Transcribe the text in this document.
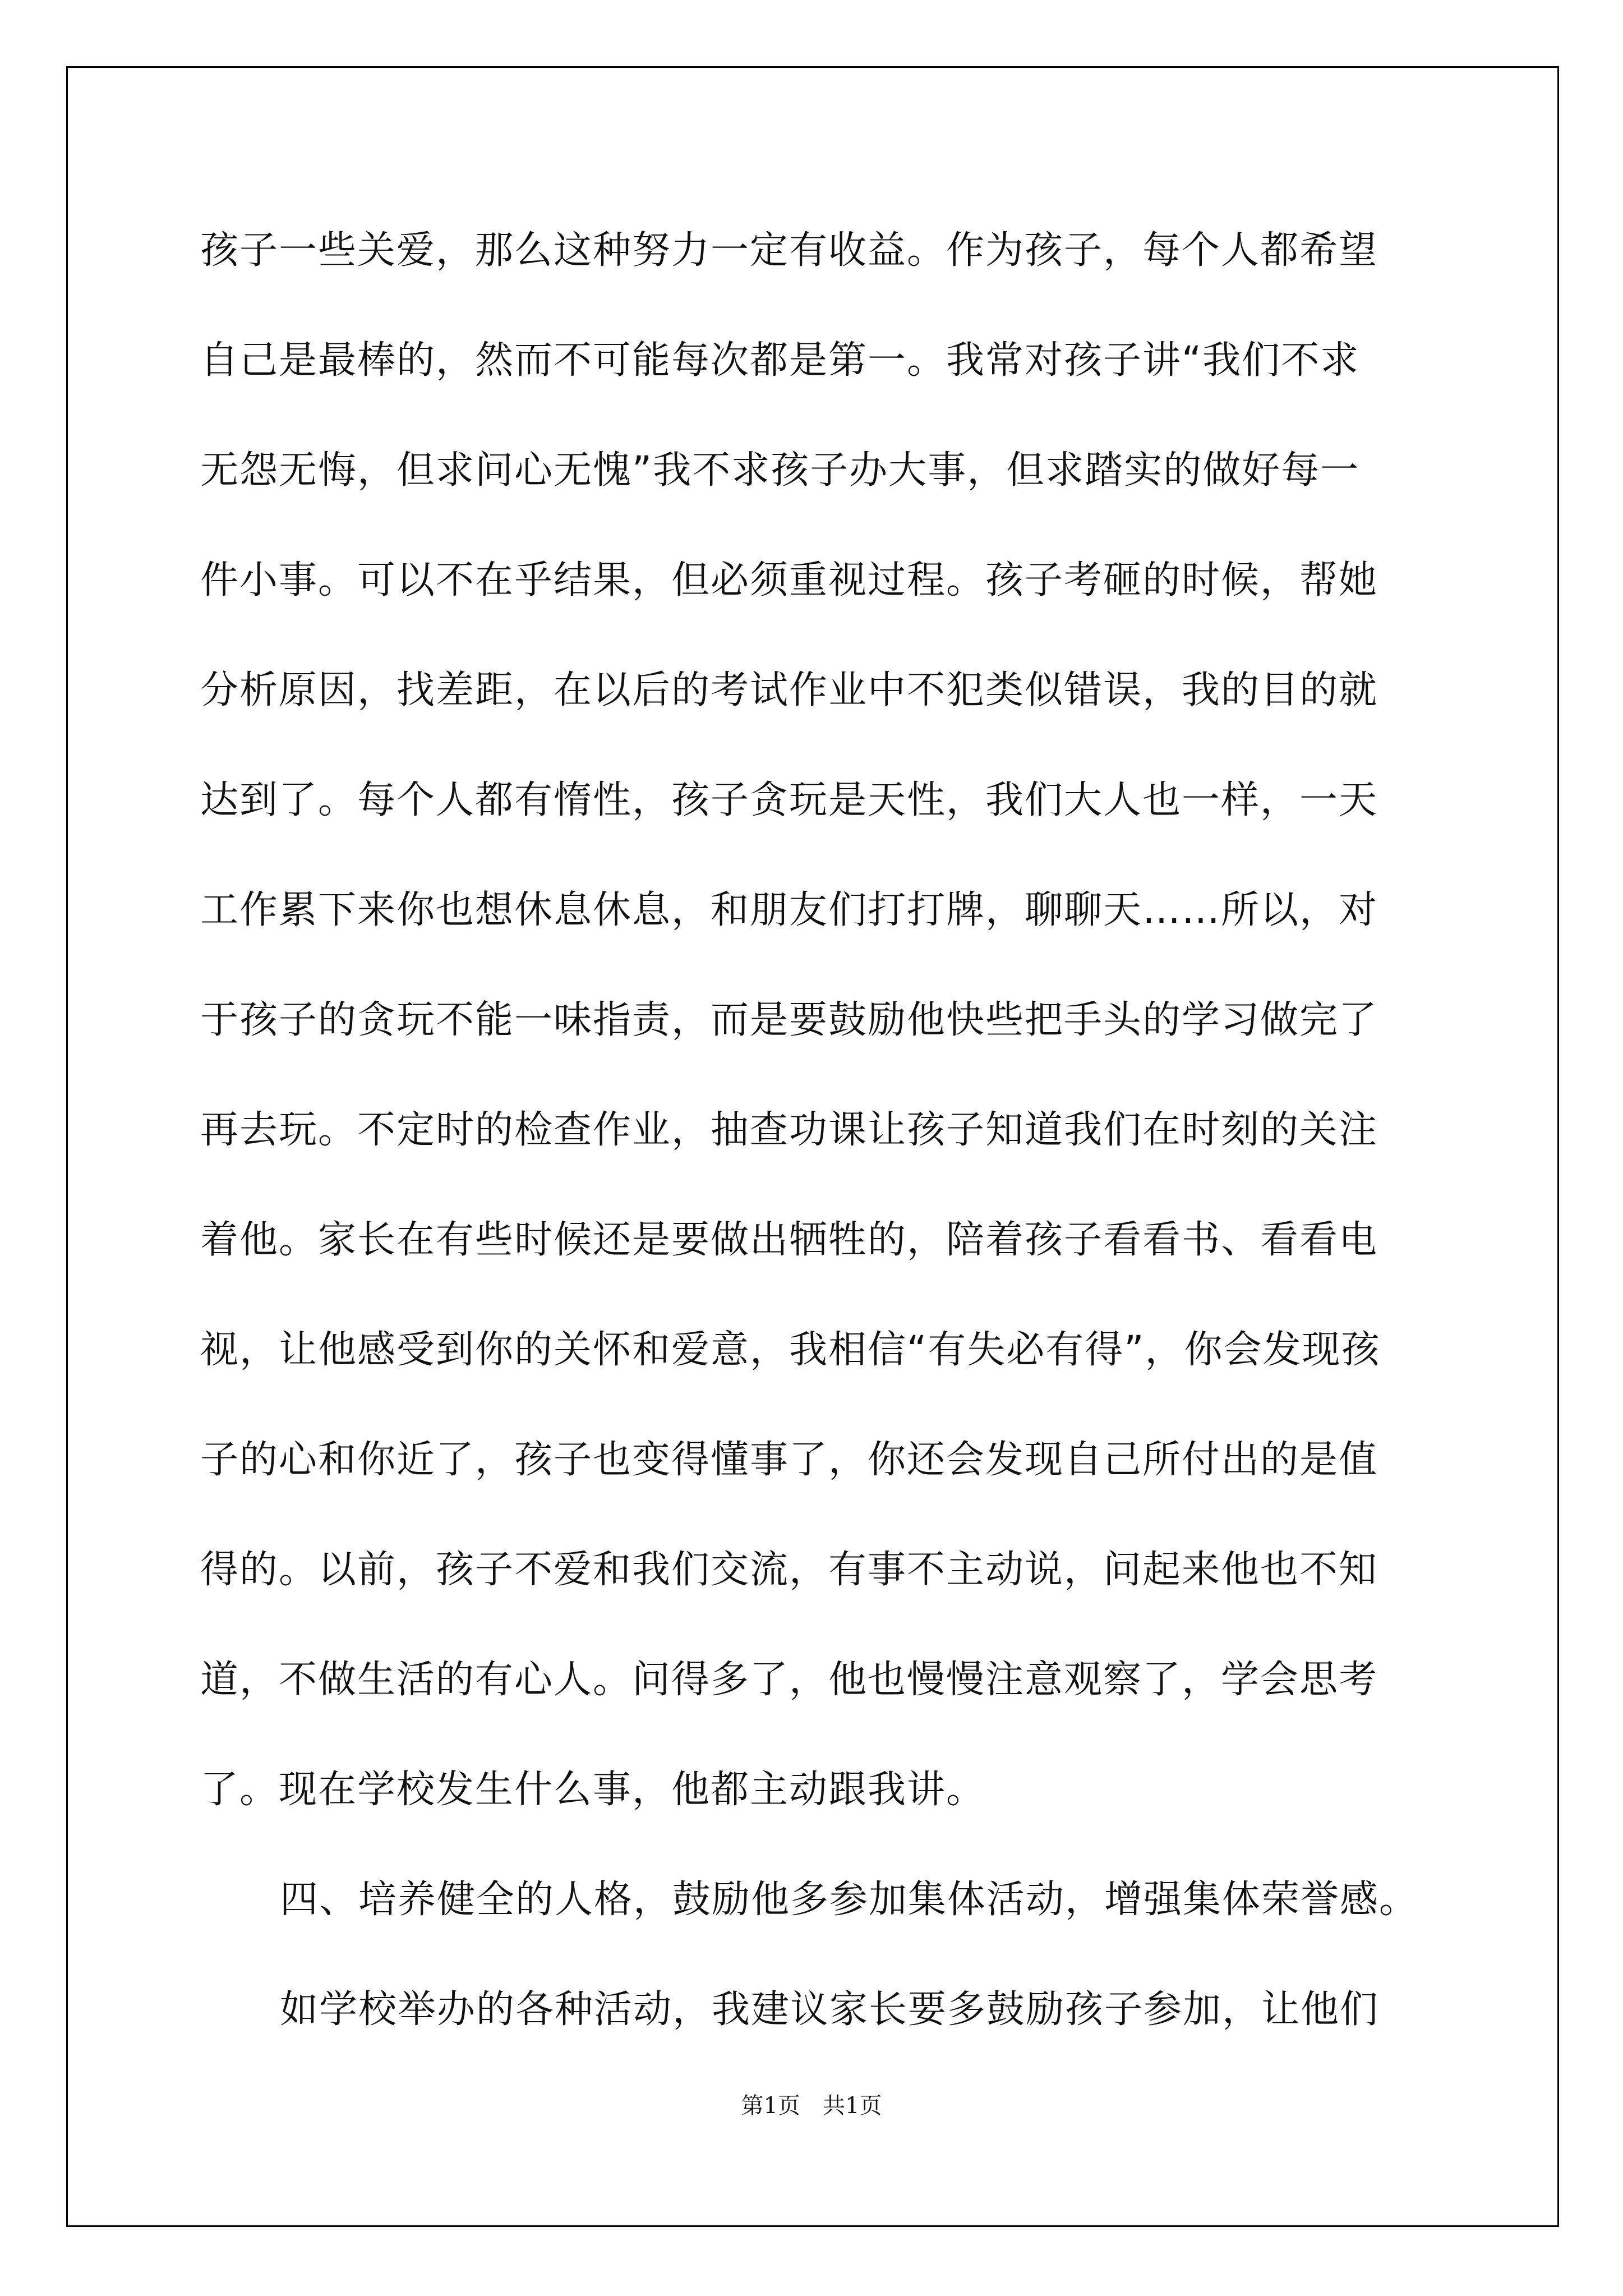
孩子一些关爱，那么这种努力一定有收益。作为孩子，每个人都希望
自己是最棒的，然而不可能每次都是第一。我常对孩子讲“我们不求
无怨无悔，但求问心无愧”我不求孩子办大事，但求踏实的做好每一
件小事。可以不在乎结果，但必须重视过程。孩子考砸的时候，帮她
分析原因，找差距，在以后的考试作业中不犯类似错误，我的目的就
达到了。每个人都有惰性，孩子贪玩是天性，我们大人也一样，一天
工作累下来你也想休息休息，和朋友们打打牌，聊聊天……所以，对
于孩子的贪玩不能一味指责，而是要鼓励他快些把手头的学习做完了
再去玩。不定时的检查作业，抽查功课让孩子知道我们在时刻的关注
着他。家长在有些时候还是要做出牺牲的，陪着孩子看看书、看看电
视，让他感受到你的关怀和爱意，我相信“有失必有得”，你会发现孩
子的心和你近了，孩子也变得懂事了，你还会发现自己所付出的是值
得的。以前，孩子不爱和我们交流，有事不主动说，问起来他也不知
道，不做生活的有心人。问得多了，他也慢慢注意观察了，学会思考
了。现在学校发生什么事，他都主动跟我讲。
四、培养健全的人格，鼓励他多参加集体活动，增强集体荣誉感。
如学校举办的各种活动，我建议家长要多鼓励孩子参加，让他们
第1页　共1页
